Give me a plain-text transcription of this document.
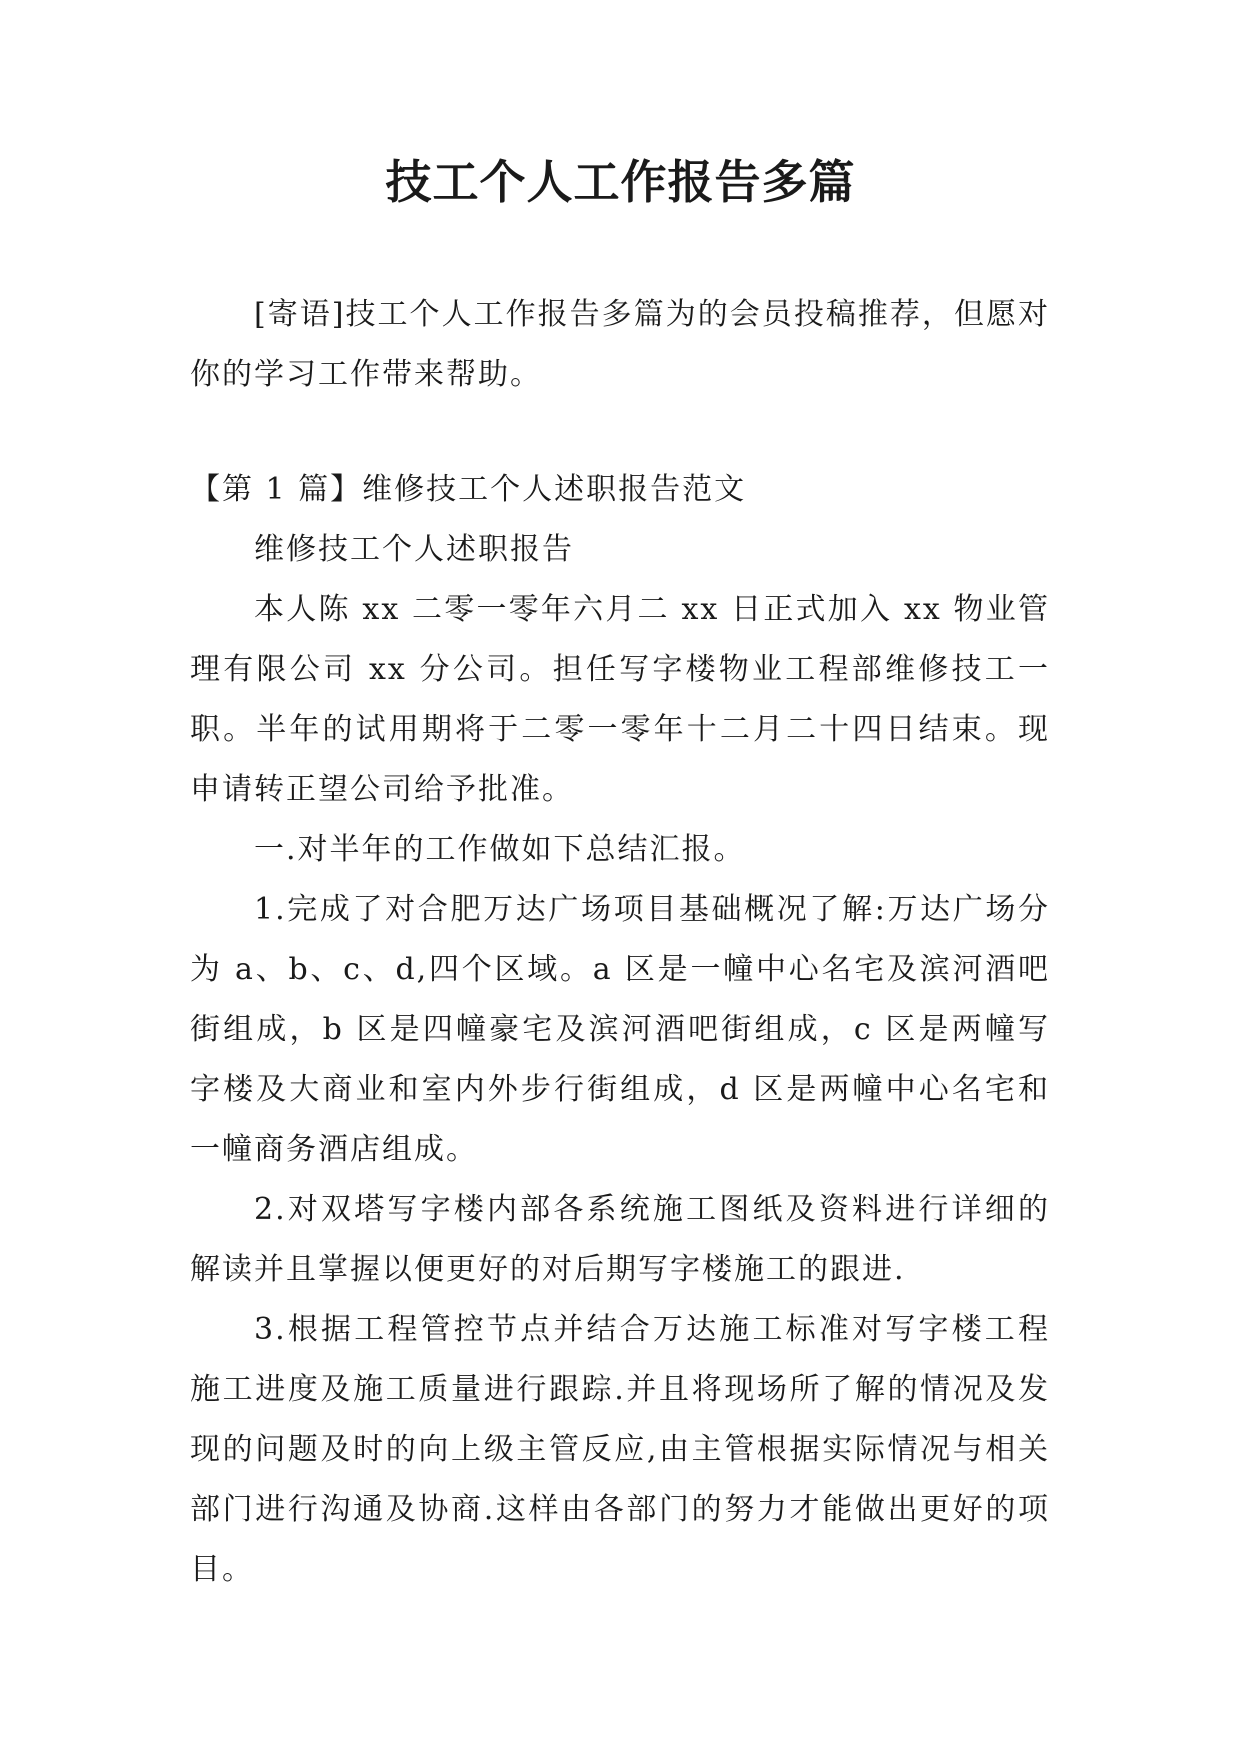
技工个人工作报告多篇

[寄语]技工个人工作报告多篇为的会员投稿推荐，但愿对你的学习工作带来帮助。

【第 1 篇】维修技工个人述职报告范文

维修技工个人述职报告

本人陈 xx 二零一零年六月二 xx 日正式加入 xx 物业管理有限公司 xx 分公司。担任写字楼物业工程部维修技工一职。半年的试用期将于二零一零年十二月二十四日结束。现申请转正望公司给予批准。

一.对半年的工作做如下总结汇报。

1.完成了对合肥万达广场项目基础概况了解:万达广场分为 a、b、c、d,四个区域。a 区是一幢中心名宅及滨河酒吧街组成，b 区是四幢豪宅及滨河酒吧街组成，c 区是两幢写字楼及大商业和室内外步行街组成，d 区是两幢中心名宅和一幢商务酒店组成。

2.对双塔写字楼内部各系统施工图纸及资料进行详细的解读并且掌握以便更好的对后期写字楼施工的跟进.

3.根据工程管控节点并结合万达施工标准对写字楼工程施工进度及施工质量进行跟踪.并且将现场所了解的情况及发现的问题及时的向上级主管反应,由主管根据实际情况与相关部门进行沟通及协商.这样由各部门的努力才能做出更好的项目。
